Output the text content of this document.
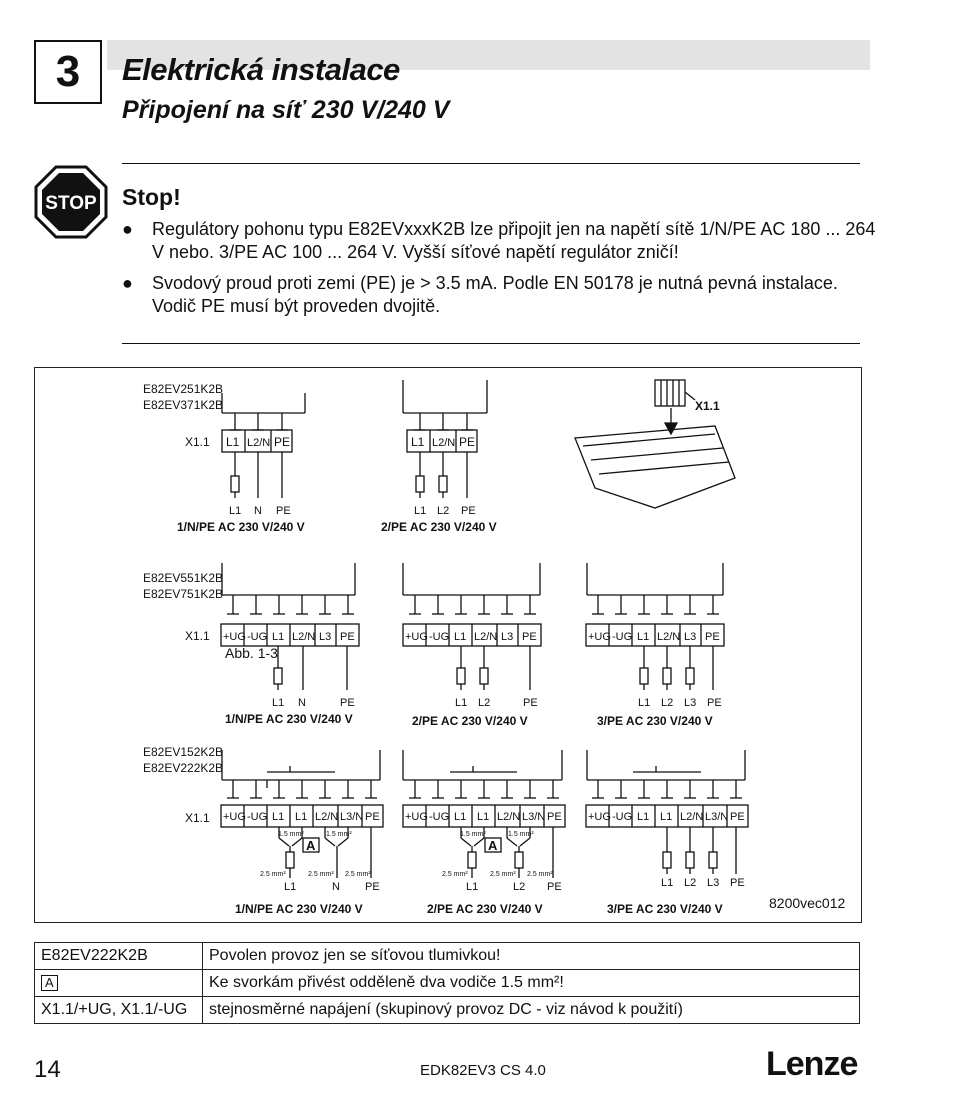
3	Elektrická instalace
Připojení na síť 230 V/240 V
STOP Stop!
● Regulátory pohonu typu E82EVxxxK2B lze připojit jen na napětí sítě 1/N/PE AC 180 ... 264 V nebo. 3/PE AC 100 ... 264 V. Vyšší síťové napětí regulátor zničí!
● Svodový proud proti zemi (PE) je > 3.5 mA. Podle EN 50178 je nutná pevná instalace. Vodič PE musí být proveden dvojitě.
E82EV251K2B
E82EV371K2B
X1.1 L1 L2/N PE	L1 L2/N PE
L1 N PE	L1 L2 PE
1/N/PE AC 230 V/240 V	2/PE AC 230 V/240 V
X1.1
E82EV551K2B
E82EV751K2B
X1.1 +UG -UG L1 L2/N L3 PE	+UG -UG L1 L2/N L3 PE	+UG -UG L1 L2/N L3 PE
Abb. 1-3
L1 N	PE	L1 L2	PE	L1 L2 L3 PE
1/N/PE AC 230 V/240 V	2/PE AC 230 V/240 V	3/PE AC 230 V/240 V
E82EV152K2B
E82EV222K2B
X1.1 +UG -UG L1 L1 L2/N L3/N PE +UG -UG L1 L1 L2/N L3/N PE +UG -UG L1 L1 L2/N L3/N PE
1.5 mm²	1.5 mm²	1.5 mm²	1.5 mm²
2.5 mm²	2.5 mm² 2.5 mm²	2.5 mm²	2.5 mm² 2.5 mm²
A	A
L1	N PE	L1	L2 PE	L1 L2 L3 PE
1/N/PE AC 230 V/240 V	2/PE AC 230 V/240 V	3/PE AC 230 V/240 V	8200vec012
E82EV222K2B	Povolen provoz jen se síťovou tlumivkou!
A	Ke svorkám přivést odděleně dva vodiče 1.5 mm²!
X1.1/+UG, X1.1/-UG	stejnosměrné napájení (skupinový provoz DC - viz návod k použití)
14	EDK82EV3 CS 4.0	Lenze
